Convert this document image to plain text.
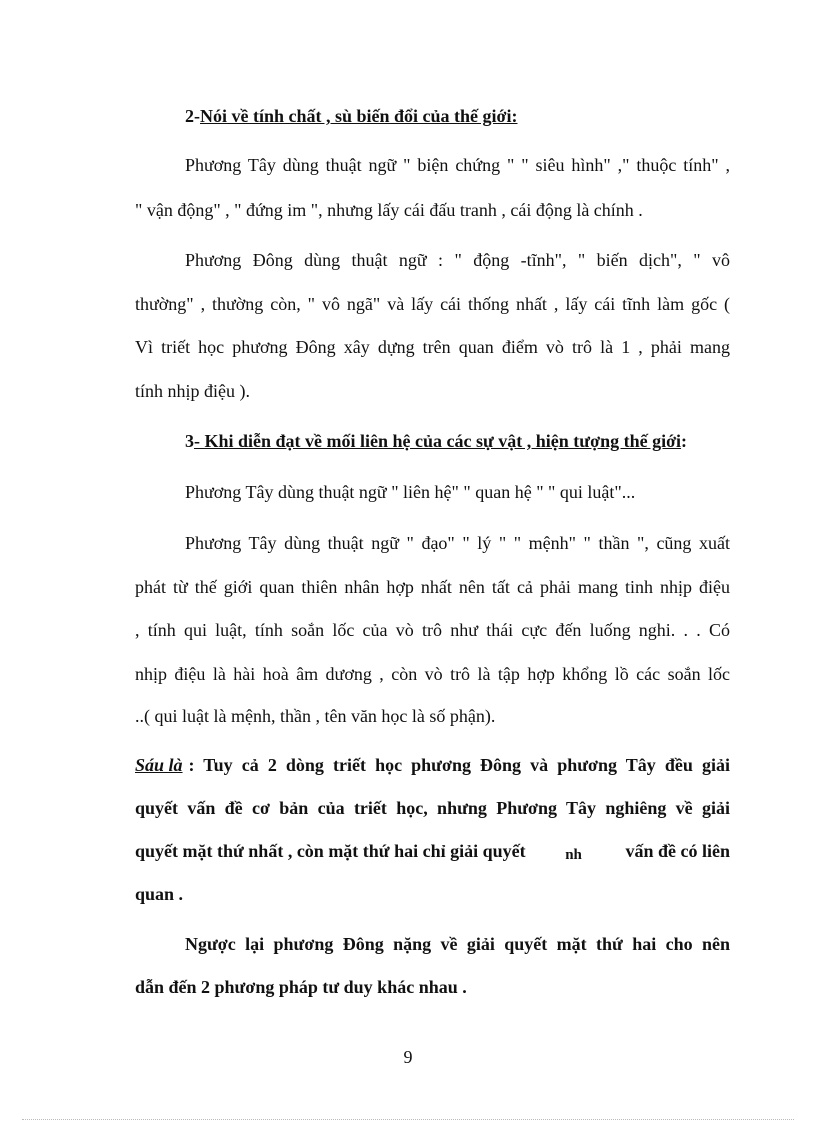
2-Nói về tính chất , sù biến đổi của thế giới:
Phương Tây dùng thuật ngữ " biện chứng " " siêu hình" ," thuộc tính" ,
" vận động" , " đứng im ", nhưng lấy cái đấu tranh , cái động là chính .
Phương Đông dùng thuật ngữ : " động -tĩnh", " biến dịch", " vô
thường" , thường còn, " vô ngã" và lấy cái thống nhất , lấy cái tĩnh làm gốc (
Vì triết học phương Đông xây dựng trên quan điểm vò trô là 1 , phải mang
tính nhịp điệu ).
3- Khi diễn đạt về mối liên hệ của các sự vật , hiện tượng thế giới:
Phương Tây dùng thuật ngữ " liên hệ" " quan hệ " " qui luật"...
Phương Tây dùng thuật ngữ " đạo" " lý " " mệnh" " thần ", cũng xuất
phát từ thế giới quan thiên nhân hợp nhất nên tất cả phải mang tinh nhịp điệu
, tính qui luật, tính soắn lốc của vò trô như thái cực đến luống nghi. . . Có
nhịp điệu là hài hoà âm dương , còn vò trô là tập hợp khổng lồ các soắn lốc
..( qui luật là mệnh, thần , tên văn học là số phận).
Sáu là : Tuy cả 2 dòng triết học phương Đông và phương Tây đều giải
quyết vấn đề cơ bản của triết học, nhưng Phương Tây nghiêng về giải
quyết mặt thứ nhất , còn mặt thứ hai chỉ giải quyết	nh vấn đề có liên
quan .
Ngược lại phương Đông nặng về giải quyết mặt thứ hai cho nên
dẫn đến 2 phương pháp tư duy khác nhau .
9
